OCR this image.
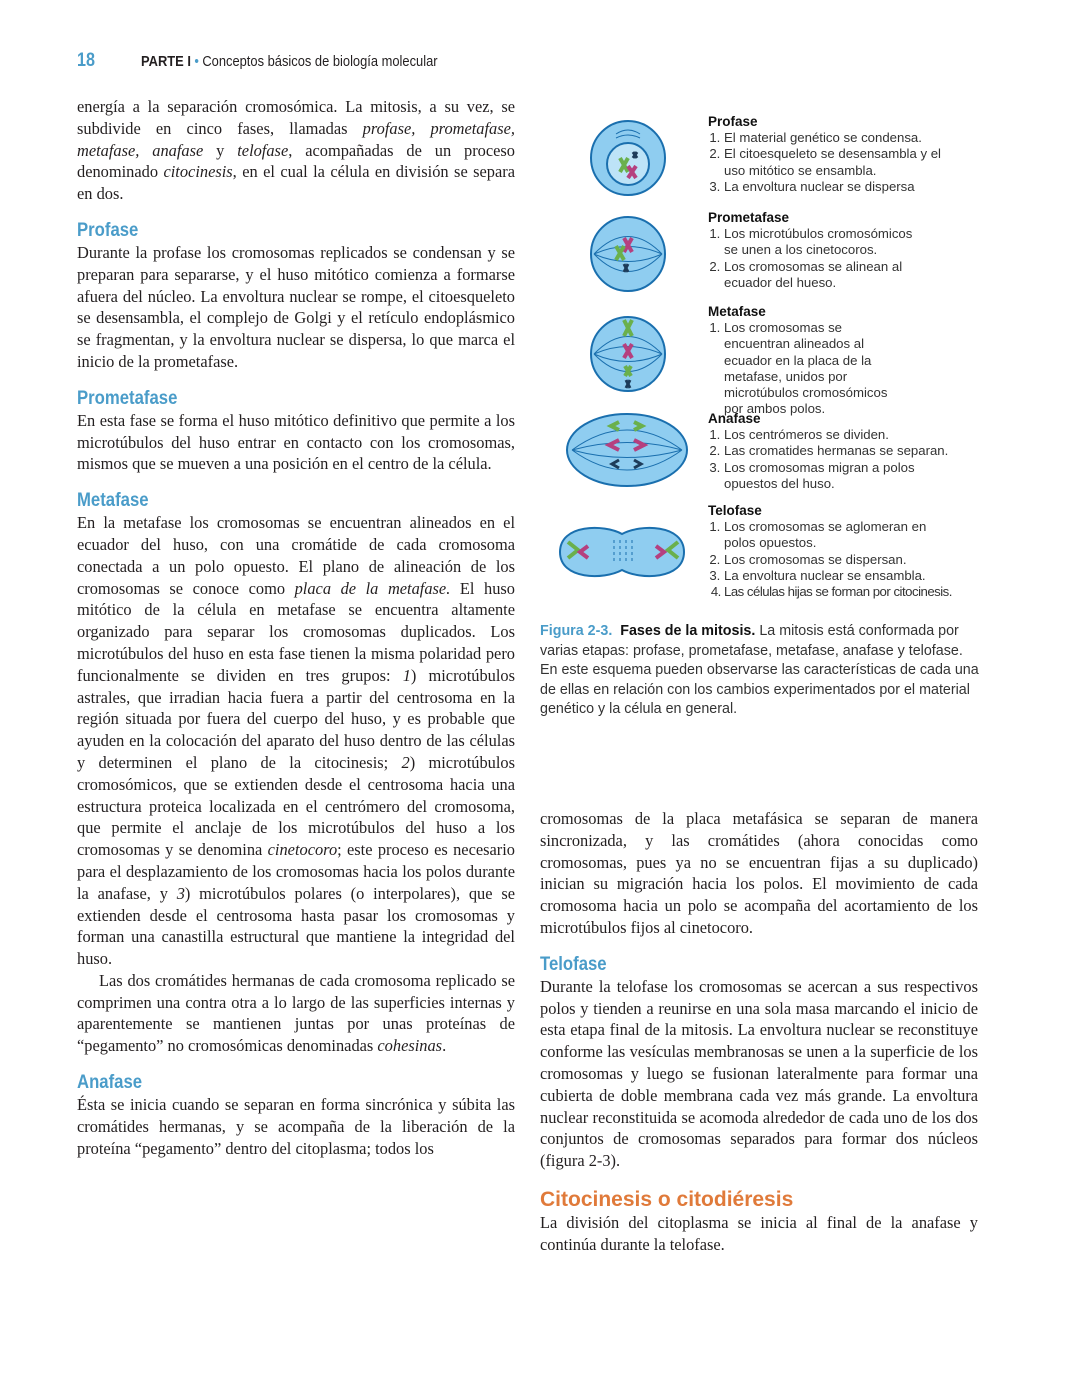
18	PARTE I • Conceptos básicos de biología molecular

energía a la separación cromosómica. La mitosis, a su vez, se subdivide en cinco fases, llamadas profase, prometafase, metafase, anafase y telofase, acompañadas de un proceso denominado citocinesis, en el cual la célula en división se separa en dos.

Profase

Durante la profase los cromosomas replicados se condensan y se preparan para separarse, y el huso mitótico comienza a formarse afuera del núcleo. La envoltura nuclear se rompe, el citoesqueleto se desensambla, el complejo de Golgi y el retículo endoplásmico se fragmentan, y la envoltura nuclear se dispersa, lo que marca el inicio de la prometafase.

Prometafase

En esta fase se forma el huso mitótico definitivo que permite a los microtúbulos del huso entrar en contacto con los cromosomas, mismos que se mueven a una posición en el centro de la célula.

Metafase

En la metafase los cromosomas se encuentran alineados en el ecuador del huso, con una cromátide de cada cromosoma conectada a un polo opuesto. El plano de alineación de los cromosomas se conoce como placa de la metafase. El huso mitótico de la célula en metafase se encuentra altamente organizado para separar los cromosomas duplicados. Los microtúbulos del huso en esta fase tienen la misma polaridad pero funcionalmente se dividen en tres grupos: 1) microtúbulos astrales, que irradian hacia fuera a partir del centrosoma en la región situada por fuera del cuerpo del huso, y es probable que ayuden en la colocación del aparato del huso dentro de las células y determinen el plano de la citocinesis; 2) microtúbulos cromosómicos, que se extienden desde el centrosoma hacia una estructura proteica localizada en el centrómero del cromosoma, que permite el anclaje de los microtúbulos del huso a los cromosomas y se denomina cinetocoro; este proceso es necesario para el desplazamiento de los cromosomas hacia los polos durante la anafase, y 3) microtúbulos polares (o interpolares), que se extienden desde el centrosoma hasta pasar los cromosomas y forman una canastilla estructural que mantiene la integridad del huso.

Las dos cromátides hermanas de cada cromosoma replicado se comprimen una contra otra a lo largo de las superficies internas y aparentemente se mantienen juntas por unas proteínas de “pegamento” no cromosómicas denominadas cohesinas.

Anafase

Ésta se inicia cuando se separan en forma sincrónica y súbita las cromátides hermanas, y se acompaña de la liberación de la proteína “pegamento” dentro del citoplasma; todos los

Profase
1. El material genético se condensa.
2. El citoesqueleto se desensambla y el uso mitótico se ensambla.
3. La envoltura nuclear se dispersa
Prometafase
1. Los microtúbulos cromosómicos se unen a los cinetocoros.
2. Los cromosomas se alinean al ecuador del hueso.
Metafase
1. Los cromosomas se encuentran alineados al ecuador en la placa de la metafase, unidos por microtúbulos cromosómicos por ambos polos.
Anafase
1. Los centrómeros se dividen.
2. Las cromatides hermanas se separan.
3. Los cromosomas migran a polos opuestos del huso.
Telofase
1. Los cromosomas se aglomeran en polos opuestos.
2. Los cromosomas se dispersan.
3. La envoltura nuclear se ensambla.
4. Las células hijas se forman por citocinesis.
Figura 2-3. Fases de la mitosis. La mitosis está conformada por varias etapas: profase, prometafase, metafase, anafase y telofase. En este esquema pueden observarse las características de cada una de ellas en relación con los cambios experimentados por el material genético y la célula en general.

cromosomas de la placa metafásica se separan de manera sincronizada, y las cromátides (ahora conocidas como cromosomas, pues ya no se encuentran fijas a su duplicado) inician su migración hacia los polos. El movimiento de cada cromosoma hacia un polo se acompaña del acortamiento de los microtúbulos fijos al cinetocoro.

Telofase

Durante la telofase los cromosomas se acercan a sus respectivos polos y tienden a reunirse en una sola masa marcando el inicio de esta etapa final de la mitosis. La envoltura nuclear se reconstituye conforme las vesículas membranosas se unen a la superficie de los cromosomas y luego se fusionan lateralmente para formar una cubierta de doble membrana cada vez más grande. La envoltura nuclear reconstituida se acomoda alrededor de cada uno de los dos conjuntos de cromosomas separados para formar dos núcleos (figura 2-3).

Citocinesis o citodiéresis

La división del citoplasma se inicia al final de la anafase y continúa durante la telofase.
